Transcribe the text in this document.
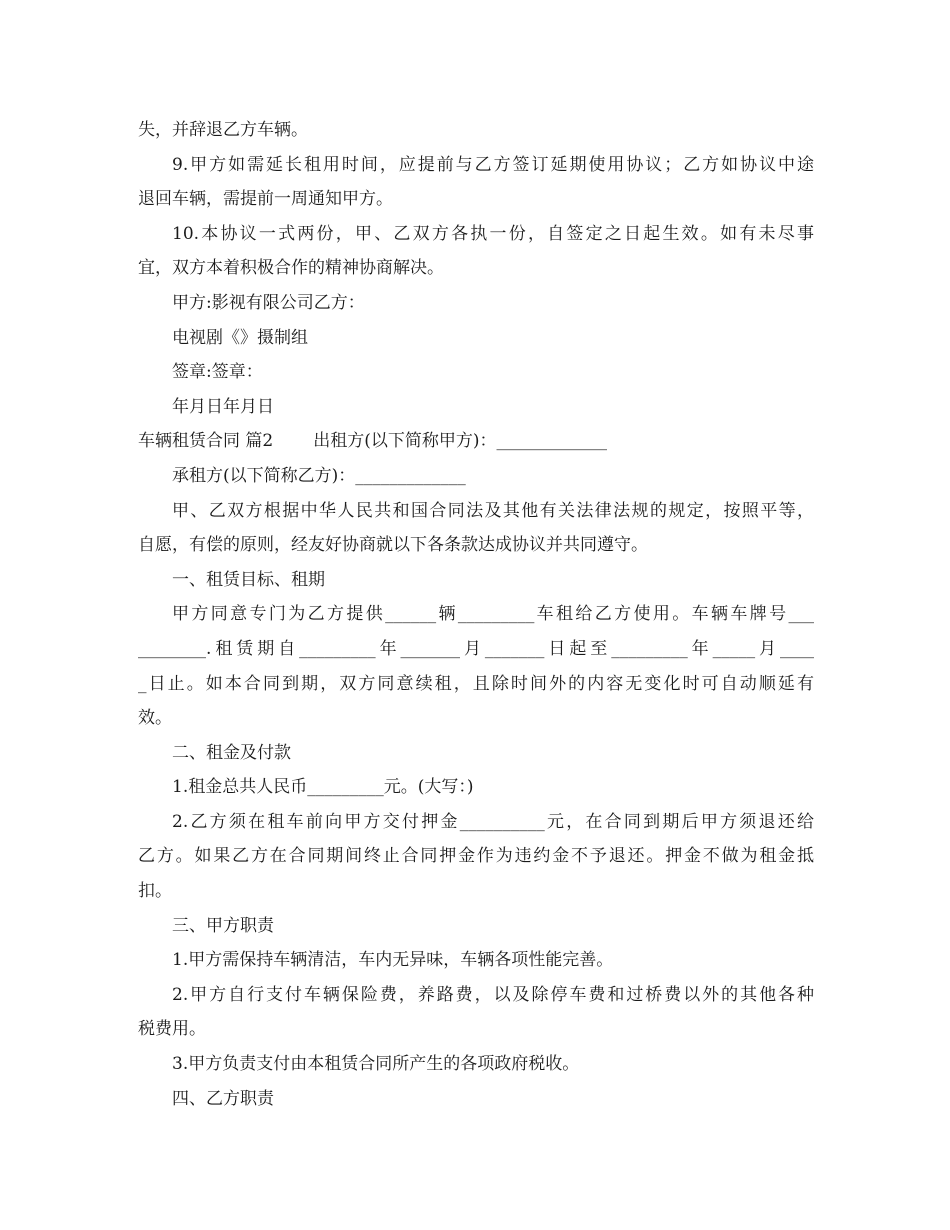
失，并辞退乙方车辆。
9.甲方如需延长租用时间，应提前与乙方签订延期使用协议；乙方如协议中途
退回车辆，需提前一周通知甲方。
10.本协议一式两份，甲、乙双方各执一份，自签定之日起生效。如有未尽事
宜，双方本着积极合作的精神协商解决。
甲方:影视有限公司乙方：
电视剧《》摄制组
签章:签章：
年月日年月日
车辆租赁合同 篇2 出租方(以下简称甲方)：_____________
承租方(以下简称乙方)：_____________
甲、乙双方根据中华人民共和国合同法及其他有关法律法规的规定，按照平等，
自愿，有偿的原则，经友好协商就以下各条款达成协议并共同遵守。
一、租赁目标、租期
甲方同意专门为乙方提供______辆_________车租给乙方使用。车辆车牌号___
________.租赁期自_________年_______月_______日起至_________年_____月____
_日止。如本合同到期，双方同意续租，且除时间外的内容无变化时可自动顺延有
效。
二、租金及付款
1.租金总共人民币_________元。(大写：)
2.乙方须在租车前向甲方交付押金__________元，在合同到期后甲方须退还给
乙方。如果乙方在合同期间终止合同押金作为违约金不予退还。押金不做为租金抵
扣。
三、甲方职责
1.甲方需保持车辆清洁，车内无异味，车辆各项性能完善。
2.甲方自行支付车辆保险费，养路费，以及除停车费和过桥费以外的其他各种
税费用。
3.甲方负责支付由本租赁合同所产生的各项政府税收。
四、乙方职责
